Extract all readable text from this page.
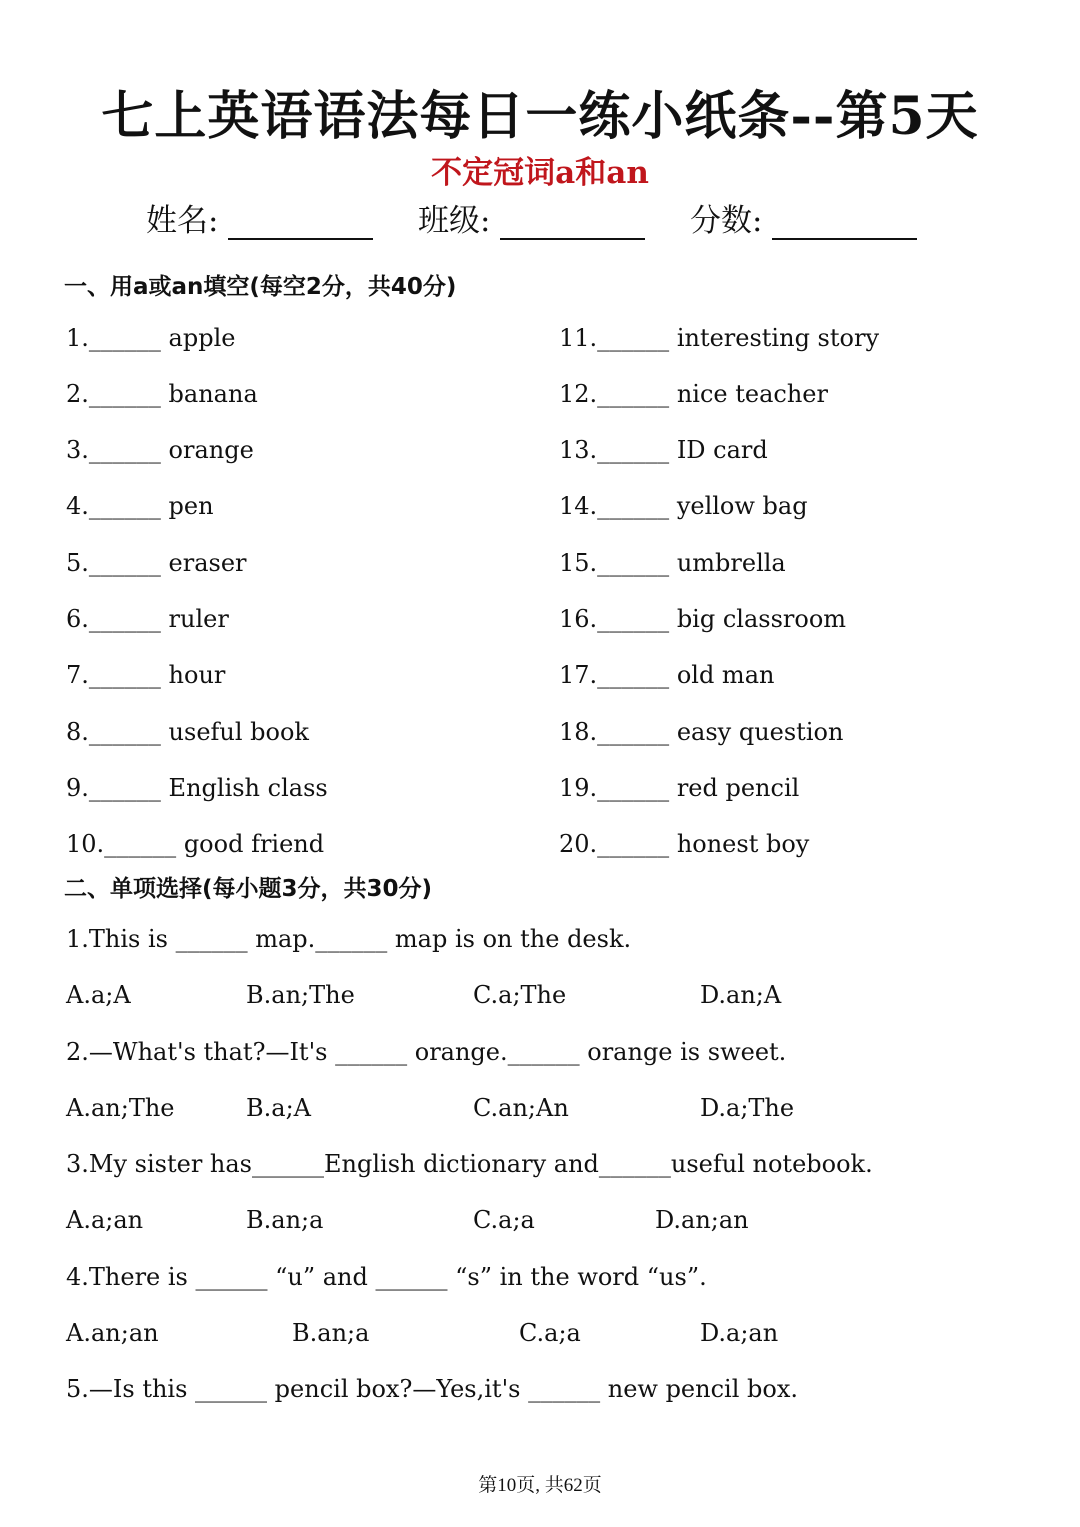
七上英语语法每日一练小纸条--第5天
不定冠词a和an
姓名:	班级:	分数:
一、用a或an填空(每空2分，共40分)
1.______ apple
2.______ banana
3.______ orange
4.______ pen
5.______ eraser
6.______ ruler
7.______ hour
8.______ useful book
9.______ English class
10.______ good friend
11.______ interesting story
12.______ nice teacher
13.______ ID card
14.______ yellow bag
15.______ umbrella
16.______ big classroom
17.______ old man
18.______ easy question
19.______ red pencil
20.______ honest boy
二、单项选择(每小题3分，共30分)
1.This is ______ map.______ map is on the desk.
A.a;A	B.an;The	C.a;The	D.an;A
2.—What's that?—It's ______ orange.______ orange is sweet.
A.an;The	B.a;A	C.an;An	D.a;The
3.My sister has______English dictionary and______useful notebook.
A.a;an	B.an;a	C.a;a	D.an;an
4.There is ______ “u” and ______ “s” in the word “us”.
A.an;an	B.an;a	C.a;a	D.a;an
5.—Is this ______ pencil box?—Yes,it's ______ new pencil box.
第10页, 共62页
